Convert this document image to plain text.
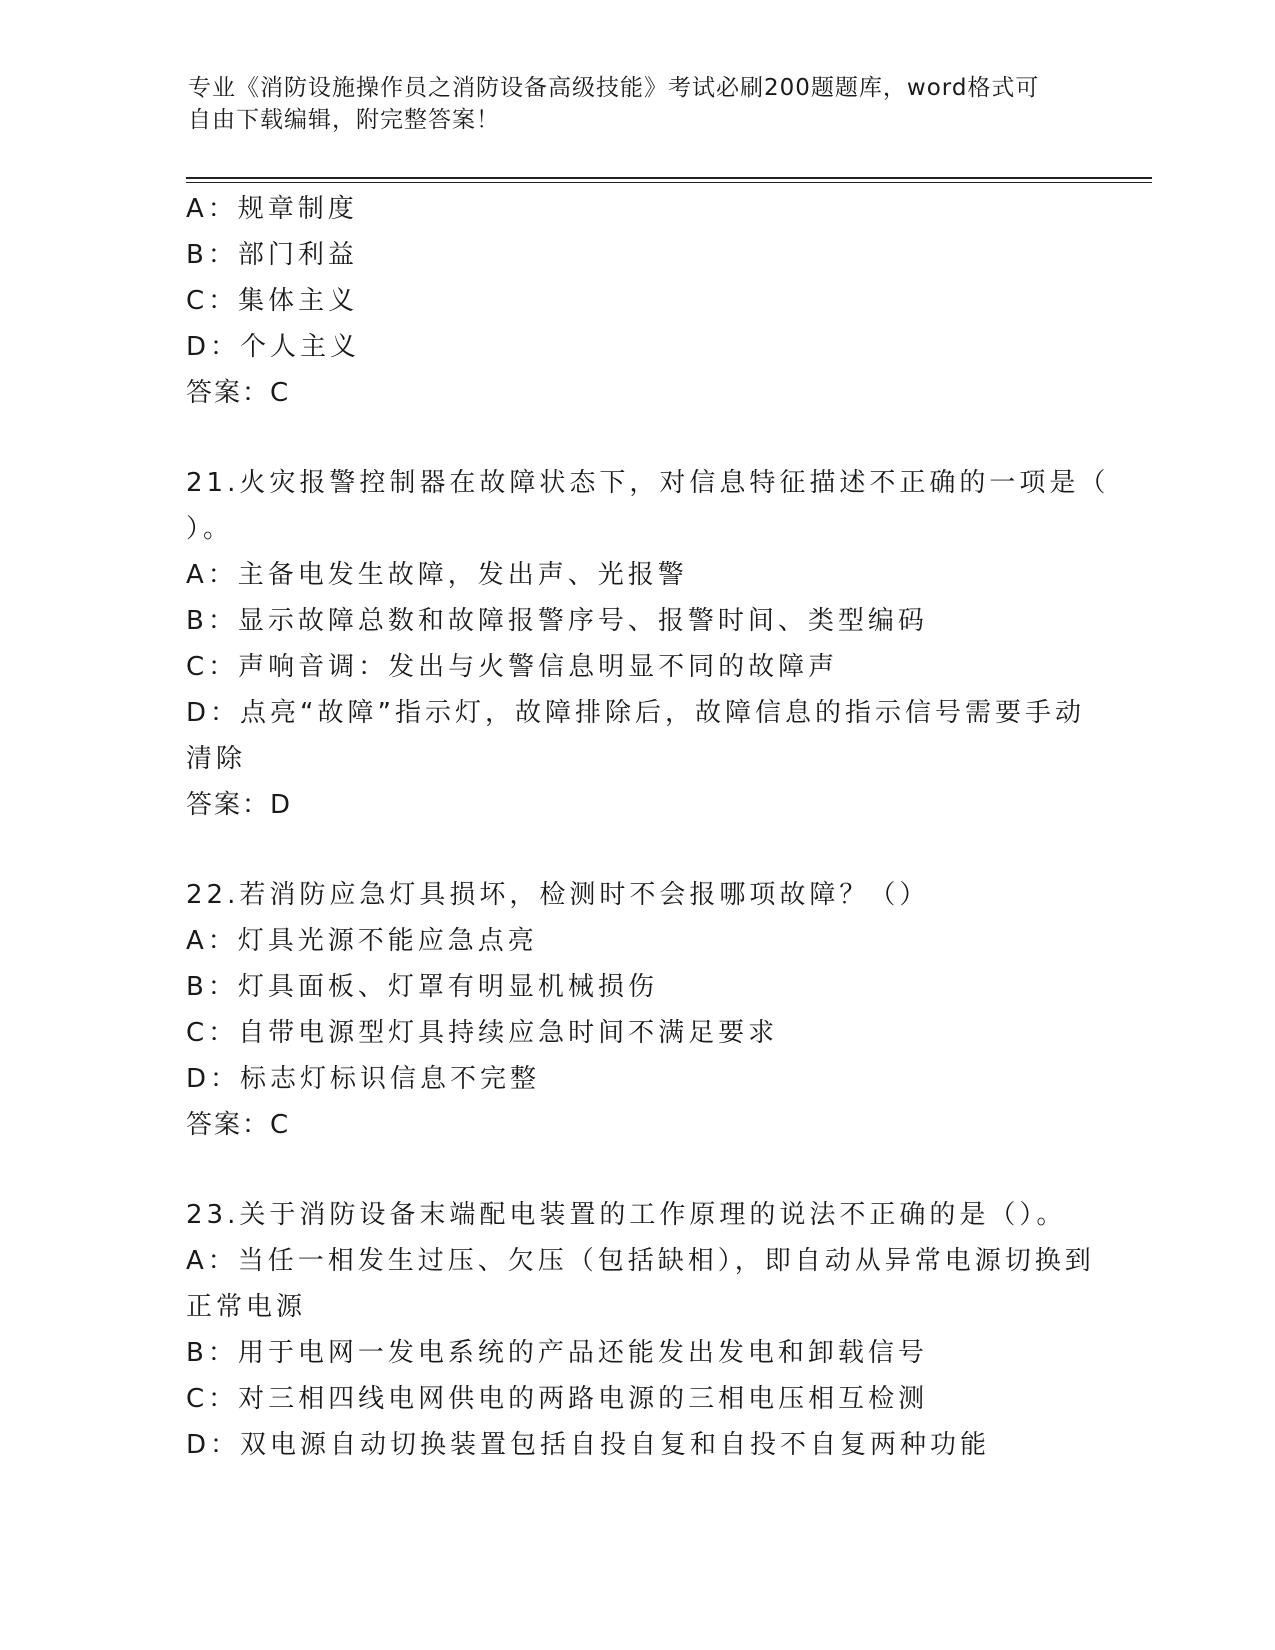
专业《消防设施操作员之消防设备高级技能》考试必刷200题题库，word格式可
自由下载编辑，附完整答案！
A：规章制度
B：部门利益
C：集体主义
D：个人主义
答案：C
21.火灾报警控制器在故障状态下，对信息特征描述不正确的一项是（
）。
A：主备电发生故障，发出声、光报警
B：显示故障总数和故障报警序号、报警时间、类型编码
C：声响音调：发出与火警信息明显不同的故障声
D：点亮“故障”指示灯，故障排除后，故障信息的指示信号需要手动
清除
答案：D
22.若消防应急灯具损坏，检测时不会报哪项故障？（）
A：灯具光源不能应急点亮
B：灯具面板、灯罩有明显机械损伤
C：自带电源型灯具持续应急时间不满足要求
D：标志灯标识信息不完整
答案：C
23.关于消防设备末端配电装置的工作原理的说法不正确的是（）。
A：当任一相发生过压、欠压（包括缺相），即自动从异常电源切换到
正常电源
B：用于电网一发电系统的产品还能发出发电和卸载信号
C：对三相四线电网供电的两路电源的三相电压相互检测
D：双电源自动切换装置包括自投自复和自投不自复两种功能
